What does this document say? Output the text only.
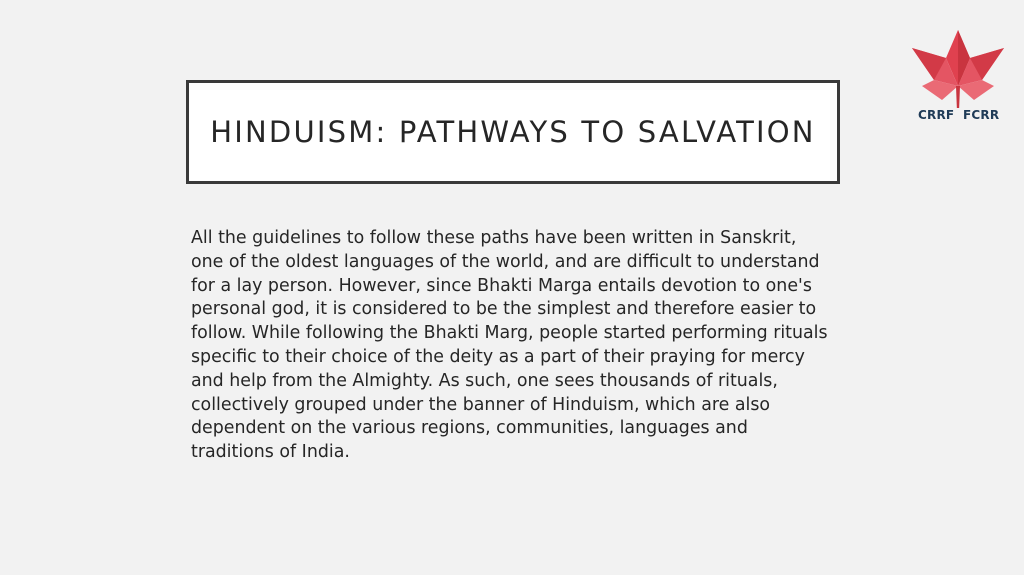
HINDUISM: PATHWAYS TO SALVATION

All the guidelines to follow these paths have been written in Sanskrit, one of the oldest languages of the world, and are difficult to understand for a lay person. However, since Bhakti Marga entails devotion to one's personal god, it is considered to be the simplest and therefore easier to follow. While following the Bhakti Marg, people started performing rituals specific to their choice of the deity as a part of their praying for mercy and help from the Almighty. As such, one sees thousands of rituals, collectively grouped under the banner of Hinduism, which are also dependent on the various regions, communities, languages and traditions of India.

CRRF FCRR
